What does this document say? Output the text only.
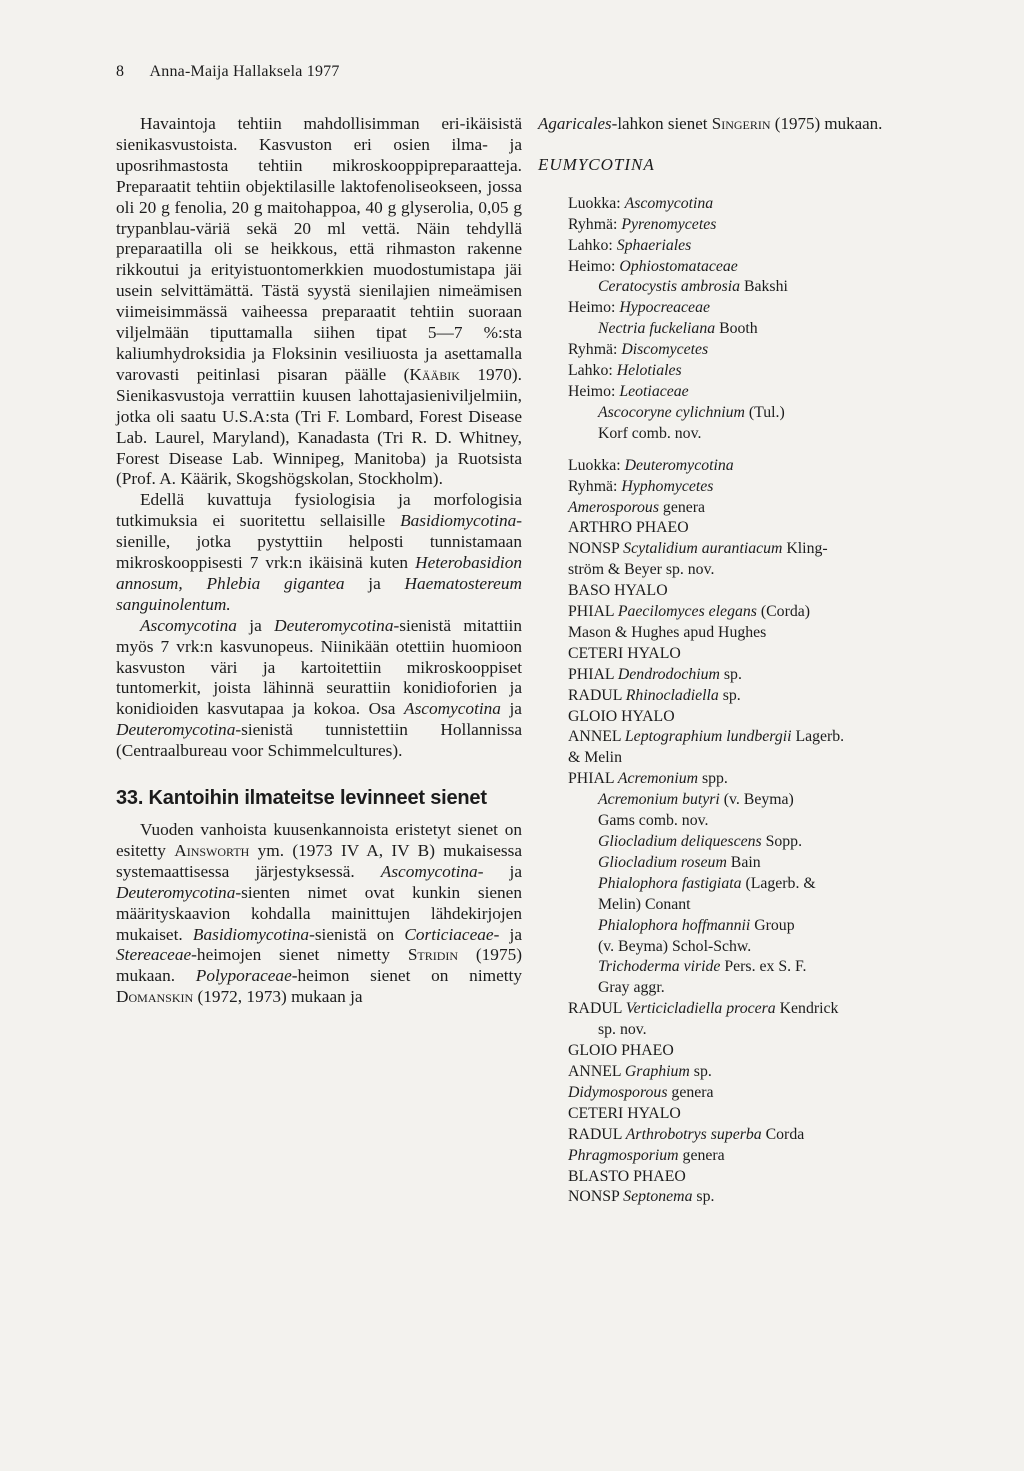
8 Anna-Maija Hallaksela 1977

Havaintoja tehtiin mahdollisimman eri-ikäisistä sienikasvustoista. Kasvuston eri osien ilma- ja uposrihmastosta tehtiin mikroskooppipreparaatteja. Preparaatit tehtiin objektilasille laktofenoliseokseen, jossa oli 20 g fenolia, 20 g maitohappoa, 40 g glyserolia, 0,05 g trypanblau-väriä sekä 20 ml vettä. Näin tehdyllä preparaatilla oli se heikkous, että rihmaston rakenne rikkoutui ja erityistuontomerkkien muodostumistapa jäi usein selvittämättä. Tästä syystä sienilajien nimeämisen viimeisimmässä vaiheessa preparaatit tehtiin suoraan viljelmään tiputtamalla siihen tipat 5—7 %:sta kaliumhydroksidia ja Floksinin vesiliuosta ja asettamalla varovasti peitinlasi pisaran päälle (Kääbik 1970). Sienikasvustoja verrattiin kuusen lahottajasieniviljelmiin, jotka oli saatu U.S.A:sta (Tri F. Lombard, Forest Disease Lab. Laurel, Maryland), Kanadasta (Tri R. D. Whitney, Forest Disease Lab. Winnipeg, Manitoba) ja Ruotsista (Prof. A. Käärik, Skogshögskolan, Stockholm).

Edellä kuvattuja fysiologisia ja morfologisia tutkimuksia ei suoritettu sellaisille Basidiomycotina-sienille, jotka pystyttiin helposti tunnistamaan mikroskooppisesti 7 vrk:n ikäisinä kuten Heterobasidion annosum, Phlebia gigantea ja Haematostereum sanguinolentum.

Ascomycotina ja Deuteromycotina-sienistä mitattiin myös 7 vrk:n kasvunopeus. Niinikään otettiin huomioon kasvuston väri ja kartoitettiin mikroskooppiset tuntomerkit, joista lähinnä seurattiin konidioforien ja konidioiden kasvutapaa ja kokoa. Osa Ascomycotina ja Deuteromycotina-sienistä tunnistettiin Hollannissa (Centraalbureau voor Schimmelcultures).

33. Kantoihin ilmateitse levinneet sienet

Vuoden vanhoista kuusenkannoista eristetyt sienet on esitetty Ainsworth ym. (1973 IV A, IV B) mukaisessa systemaattisessa järjestyksessä. Ascomycotina- ja Deuteromycotina-sienten nimet ovat kunkin sienen määrityskaavion kohdalla mainittujen lähdekirjojen mukaiset. Basidiomycotina-sienistä on Corticiaceae- ja Stereaceae-heimojen sienet nimetty Stridin (1975) mukaan. Polyporaceae-heimon sienet on nimetty Domanskin (1972, 1973) mukaan ja

Agaricales-lahkon sienet Singerin (1975) mukaan.

EUMYCOTINA
Luokka: Ascomycotina
Ryhmä: Pyrenomycetes
Lahko: Sphaeriales
Heimo: Ophiostomataceae
Ceratocystis ambrosia Bakshi
Heimo: Hypocreaceae
Nectria fuckeliana Booth
Ryhmä: Discomycetes
Lahko: Helotiales
Heimo: Leotiaceae
Ascocoryne cylichnium (Tul.)
Korf comb. nov.
Luokka: Deuteromycotina
Ryhmä: Hyphomycetes
Amerosporous genera
ARTHRO PHAEO
NONSP Scytalidium aurantiacum Kling-
ström & Beyer sp. nov.
BASO HYALO
PHIAL Paecilomyces elegans (Corda)
Mason & Hughes apud Hughes
CETERI HYALO
PHIAL Dendrodochium sp.
RADUL Rhinocladiella sp.
GLOIO HYALO
ANNEL Leptographium lundbergii Lagerb.
& Melin
PHIAL Acremonium spp.
Acremonium butyri (v. Beyma)
Gams comb. nov.
Gliocladium deliquescens Sopp.
Gliocladium roseum Bain
Phialophora fastigiata (Lagerb. &
Melin) Conant
Phialophora hoffmannii Group
(v. Beyma) Schol-Schw.
Trichoderma viride Pers. ex S. F.
Gray aggr.
RADUL Verticicladiella procera Kendrick
sp. nov.
GLOIO PHAEO
ANNEL Graphium sp.
Didymosporous genera
CETERI HYALO
RADUL Arthrobotrys superba Corda
Phragmosporium genera
BLASTO PHAEO
NONSP Septonema sp.
